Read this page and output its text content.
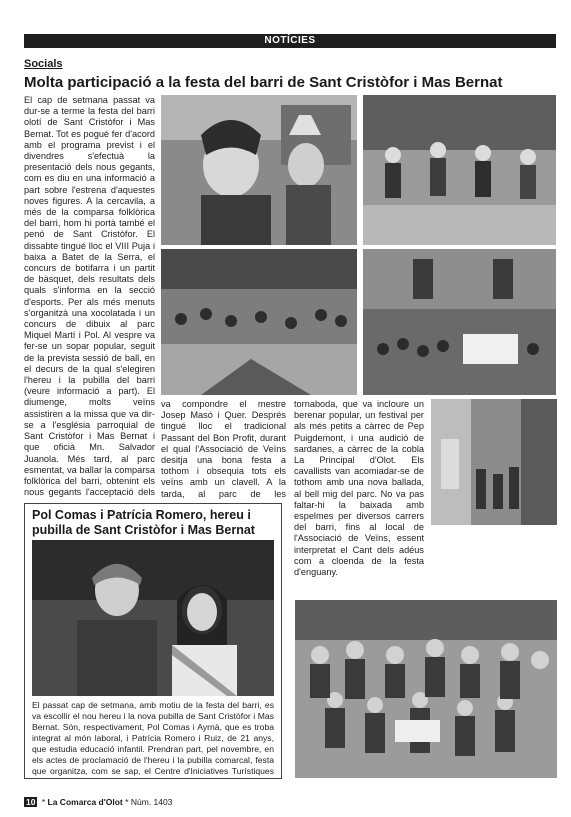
NOTÍCIES
Socials
Molta participació a la festa del barri de Sant Cristòfor i Mas Bernat
El cap de setmana passat va dur-se a terme la festa del barri olotí de Sant Cristòfor i Mas Bernat. Tot es pogué fer d'acord amb el programa previst i el divendres s'efectuà la presentació dels nous gegants, com es diu en una informació a part sobre l'estrena d'aquestes noves figures. A la cercavila, a més de la comparsa folklòrica del barri, hom hi portà també el penó de Sant Cristòfor. El dissabte tingué lloc el VIII Puja i baixa a Batet de la Serra, el concurs de botifarra i un partit de bàsquet, dels resultats dels quals s'informa en la secció d'esports. Per als més menuts s'organitzà una xocolatada i un concurs de dibuix al parc Miquel Martí i Pol. Al vespre va fer-se un sopar popular, seguit de la prevista sessió de ball, en el decurs de la qual s'elegiren l'hereu i la pubilla del barri (veure informació a part). El diumenge, molts veïns assistiren a la missa que va dir-se a l'església parroquial de Sant Cristòfor i Mas Bernat i que oficià Mn. Salvador Juanola. Més tard, al parc esmentat, va ballar la comparsa folklòrica del barri, obtenint els nous gegants l'acceptació dels
va compondre el mestre Josep Masó i Quer. Després tingué lloc el tradicional Passant del Bon Profit, durant el qual l'Associació de Veïns desitja una bona festa a tothom i obsequia tots els veïns amb un clavell. A la tarda, al parc de les
tornaboda, que va incloure un berenar popular, un festival per als més petits a càrrec de Pep Puigdemont, i una audició de sardanes, a càrrec de la cobla La Principal d'Olot. Els cavallists van acomiadar-se de tothom amb una nova ballada, al bell mig del parc. No va pas faltar-hi la baixada amb espelmes per diversos carrers del barri, fins al local de l'Associació de Veïns, essent interpretat el Cant dels adéus com a cloenda de la festa d'enguany.
Pol Comas i Patrícia Romero, hereu i pubilla de Sant Cristòfor i Mas Bernat
El passat cap de setmana, amb motiu de la festa del barri, es va escollir el nou hereu i la nova pubilla de Sant Cristòfor i Mas Bernat. Són, respectivament, Pol Comas i Ayrnà, que es troba integrat al món laboral, i Patrícia Romero i Ruiz, de 21 anys, que estudia educació infantil. Prendran part, pel novembre, en els actes de proclamació de l'hereu i la pubilla comarcal, festa que organitza, com se sap, el Centre d'Iniciatives Turístiques
10 * La Comarca d'Olot * Núm. 1403
